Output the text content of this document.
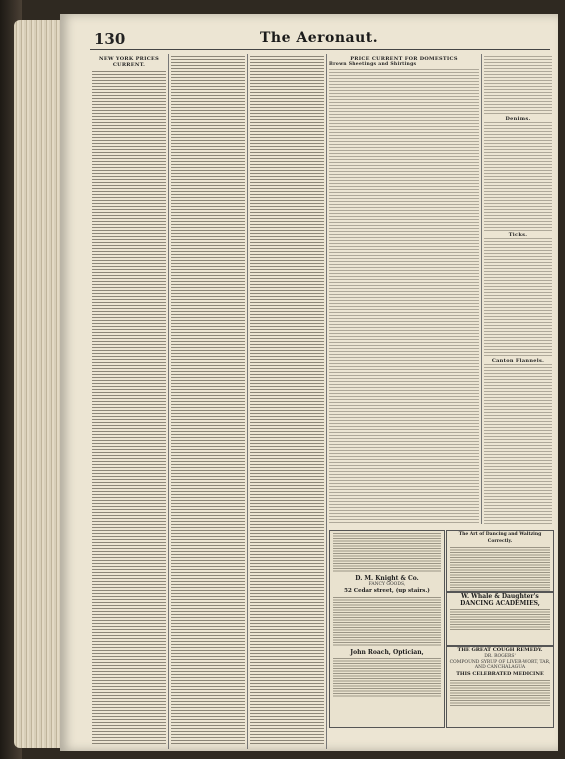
130	The Aeronaut.
NEW YORK PRICES CURRENT.
PRICE CURRENT FOR DOMESTICS
Brown Sheetings and Shirtings
Denims.
Ticks.
Canton Flannels.
D. M. Knight & Co.
FANCY GOODS,
52 Cedar street, (up stairs.)
John Roach, Optician,
The Art of Dancing and Waltzing Correctly.
W. Whale & Daughter's
DANCING ACADEMIES,
THE GREAT COUGH REMEDY.
DR. ROGERS'
COMPOUND SYRUP OF LIVER-WORT, TAR, AND CANCHALAGUA
THIS CELEBRATED MEDICINE
